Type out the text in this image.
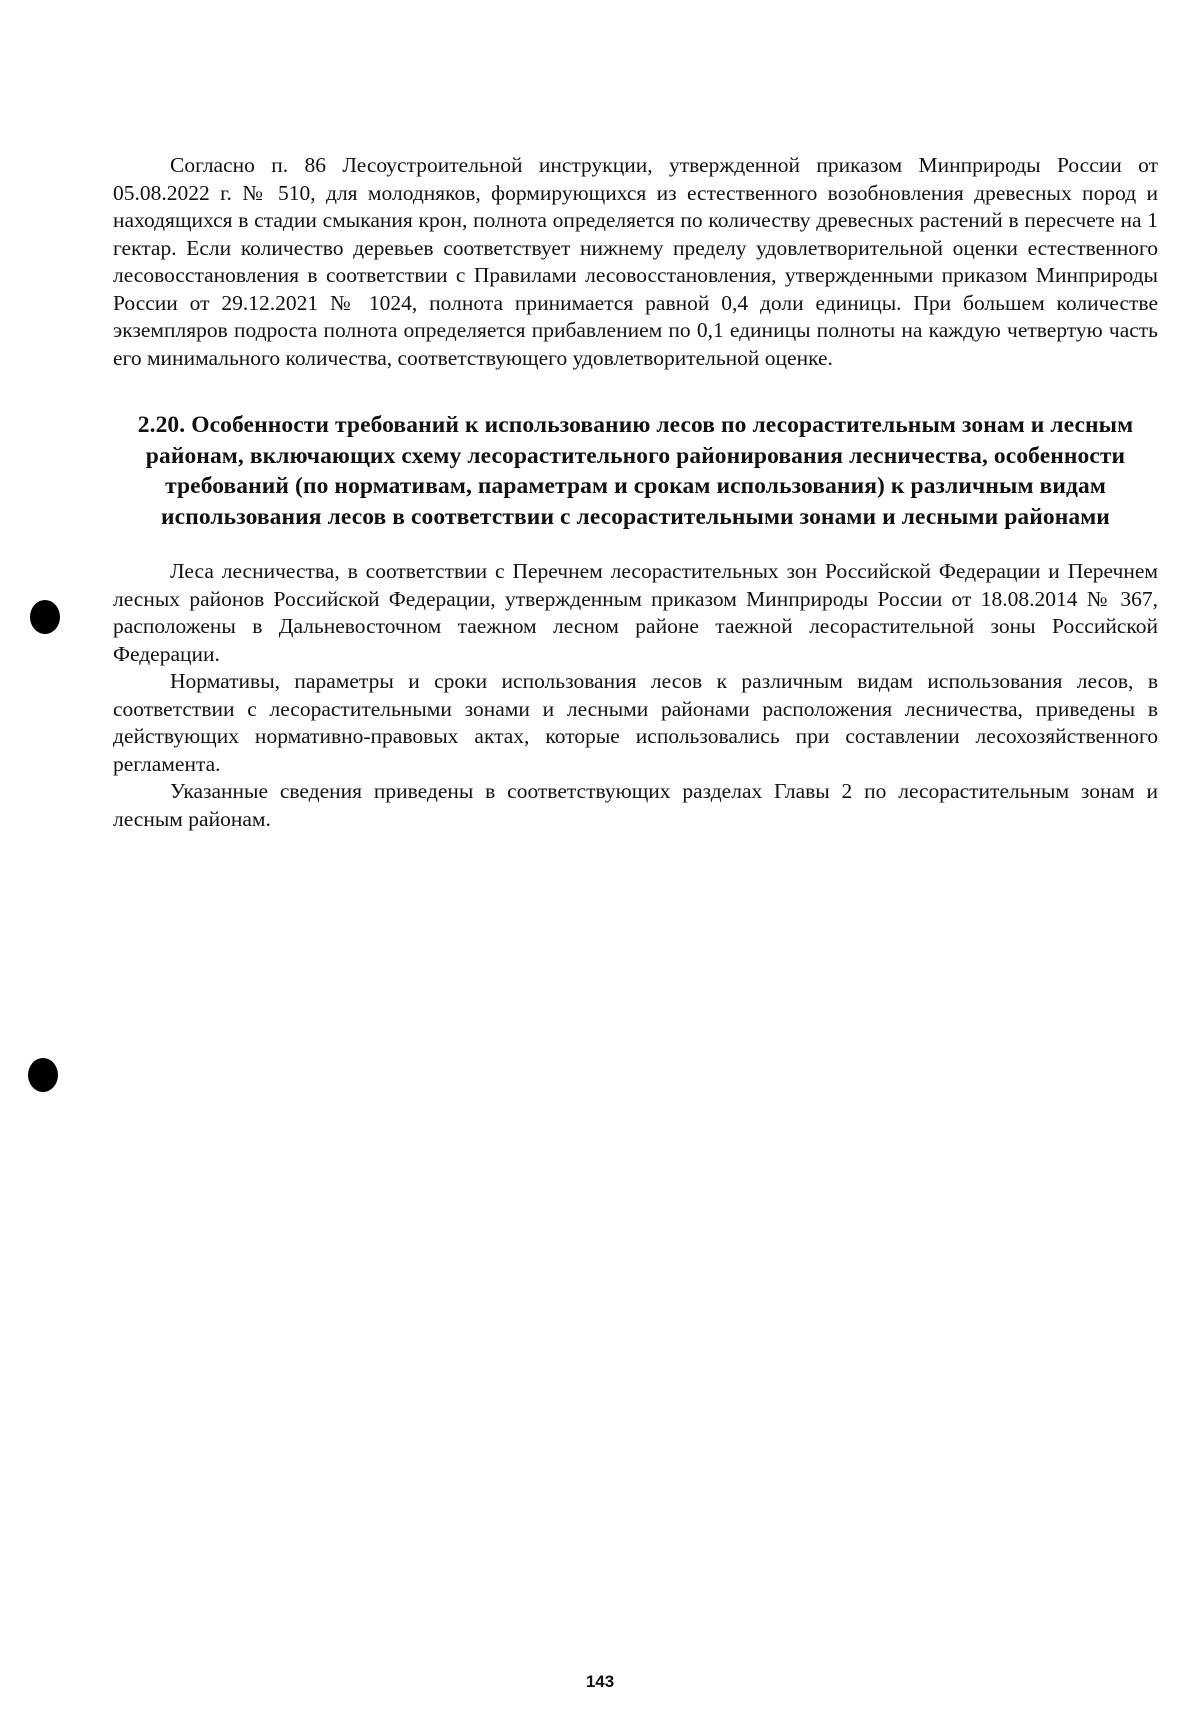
Согласно п. 86 Лесоустроительной инструкции, утвержденной приказом Минприроды России от 05.08.2022 г. № 510, для молодняков, формирующихся из естественного возобновления древесных пород и находящихся в стадии смыкания крон, полнота определяется по количеству древесных растений в пересчете на 1 гектар. Если количество деревьев соответствует нижнему пределу удовлетворительной оценки естественного лесовосстановления в соответствии с Правилами лесовосстановления, утвержденными приказом Минприроды России от 29.12.2021 № 1024, полнота принимается равной 0,4 доли единицы. При большем количестве экземпляров подроста полнота определяется прибавлением по 0,1 единицы полноты на каждую четвертую часть его минимального количества, соответствующего удовлетворительной оценке.

2.20. Особенности требований к использованию лесов по лесорастительным зонам и лесным районам, включающих схему лесорастительного районирования лесничества, особенности требований (по нормативам, параметрам и срокам использования) к различным видам использования лесов в соответствии с лесорастительными зонами и лесными районами

Леса лесничества, в соответствии с Перечнем лесорастительных зон Российской Федерации и Перечнем лесных районов Российской Федерации, утвержденным приказом Минприроды России от 18.08.2014 № 367, расположены в Дальневосточном таежном лесном районе таежной лесорастительной зоны Российской Федерации.

Нормативы, параметры и сроки использования лесов к различным видам использования лесов, в соответствии с лесорастительными зонами и лесными районами расположения лесничества, приведены в действующих нормативно-правовых актах, которые использовались при составлении лесохозяйственного регламента.

Указанные сведения приведены в соответствующих разделах Главы 2 по лесорастительным зонам и лесным районам.

143
